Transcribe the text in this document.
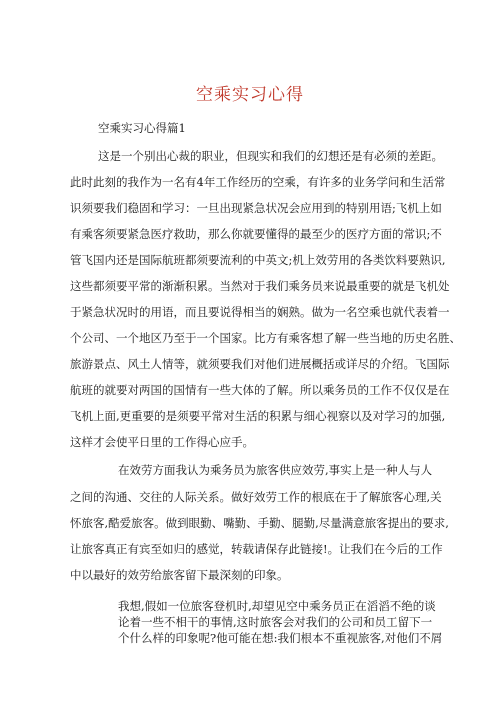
空乘实习心得
空乘实习心得篇1
这是一个别出心裁的职业，但现实和我们的幻想还是有必须的差距。
此时此刻的我作为一名有4年工作经历的空乘，有许多的业务学问和生活常
识须要我们稳固和学习：一旦出现紧急状况会应用到的特别用语;飞机上如
有乘客须要紧急医疗救助，那么你就要懂得的最至少的医疗方面的常识;不
管飞国内还是国际航班都须要流利的中英文;机上效劳用的各类饮料要熟识,
这些都须要平常的渐渐积累。当然对于我们乘务员来说最重要的就是飞机处
于紧急状况时的用语，而且要说得相当的娴熟。做为一名空乘也就代表着一
个公司、一个地区乃至于一个国家。比方有乘客想了解一些当地的历史名胜、
旅游景点、风土人情等，就须要我们对他们进展概括或详尽的介绍。飞国际
航班的就要对两国的国情有一些大体的了解。所以乘务员的工作不仅仅是在
飞机上面,更重要的是须要平常对生活的积累与细心视察以及对学习的加强,
这样才会使平日里的工作得心应手。
在效劳方面我认为乘务员为旅客供应效劳,事实上是一种人与人
之间的沟通、交往的人际关系。做好效劳工作的根底在于了解旅客心理,关
怀旅客,酷爱旅客。做到眼勤、嘴勤、手勤、腿勤,尽量满意旅客提出的要求,
让旅客真正有宾至如归的感觉，转载请保存此链接!。让我们在今后的工作
中以最好的效劳给旅客留下最深刻的印象。
我想,假如一位旅客登机时,却望见空中乘务员正在滔滔不绝的谈
论着一些不相干的事情,这时旅客会对我们的公司和员工留下一
个什么样的印象呢?他可能在想:我们根本不重视旅客,对他们不屑
